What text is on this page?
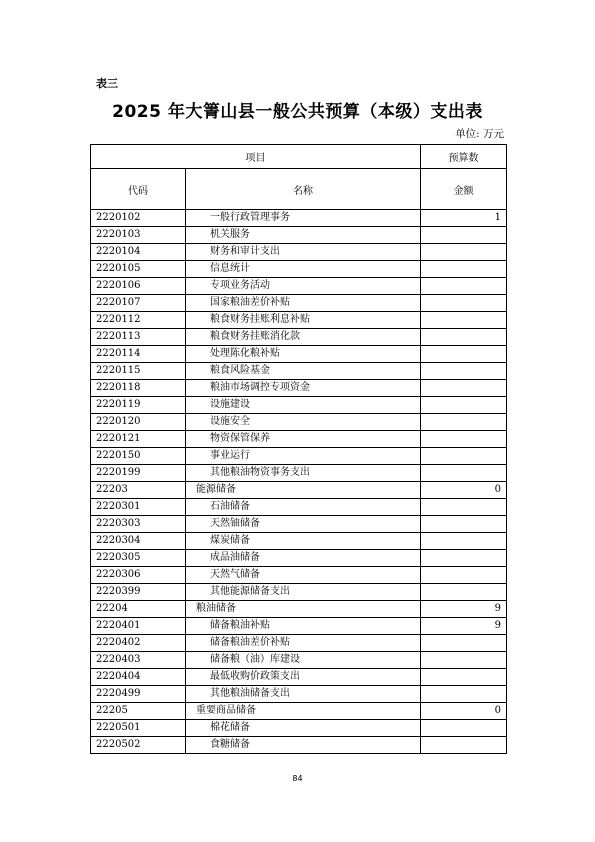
表三
2025 年大箐山县一般公共预算（本级）支出表
单位: 万元
项目		预算数
代码	名称	金额
2220102	一般行政管理事务	1
2220103	机关服务	
2220104	财务和审计支出	
2220105	信息统计	
2220106	专项业务活动	
2220107	国家粮油差价补贴	
2220112	粮食财务挂账利息补贴	
2220113	粮食财务挂账消化款	
2220114	处理陈化粮补贴	
2220115	粮食风险基金	
2220118	粮油市场调控专项资金	
2220119	设施建设	
2220120	设施安全	
2220121	物资保管保养	
2220150	事业运行	
2220199	其他粮油物资事务支出	
22203	能源储备	0
2220301	石油储备	
2220303	天然铀储备	
2220304	煤炭储备	
2220305	成品油储备	
2220306	天然气储备	
2220399	其他能源储备支出	
22204	粮油储备	9
2220401	储备粮油补贴	9
2220402	储备粮油差价补贴	
2220403	储备粮（油）库建设	
2220404	最低收购价政策支出	
2220499	其他粮油储备支出	
22205	重要商品储备	0
2220501	棉花储备	
2220502	食糖储备	
84
